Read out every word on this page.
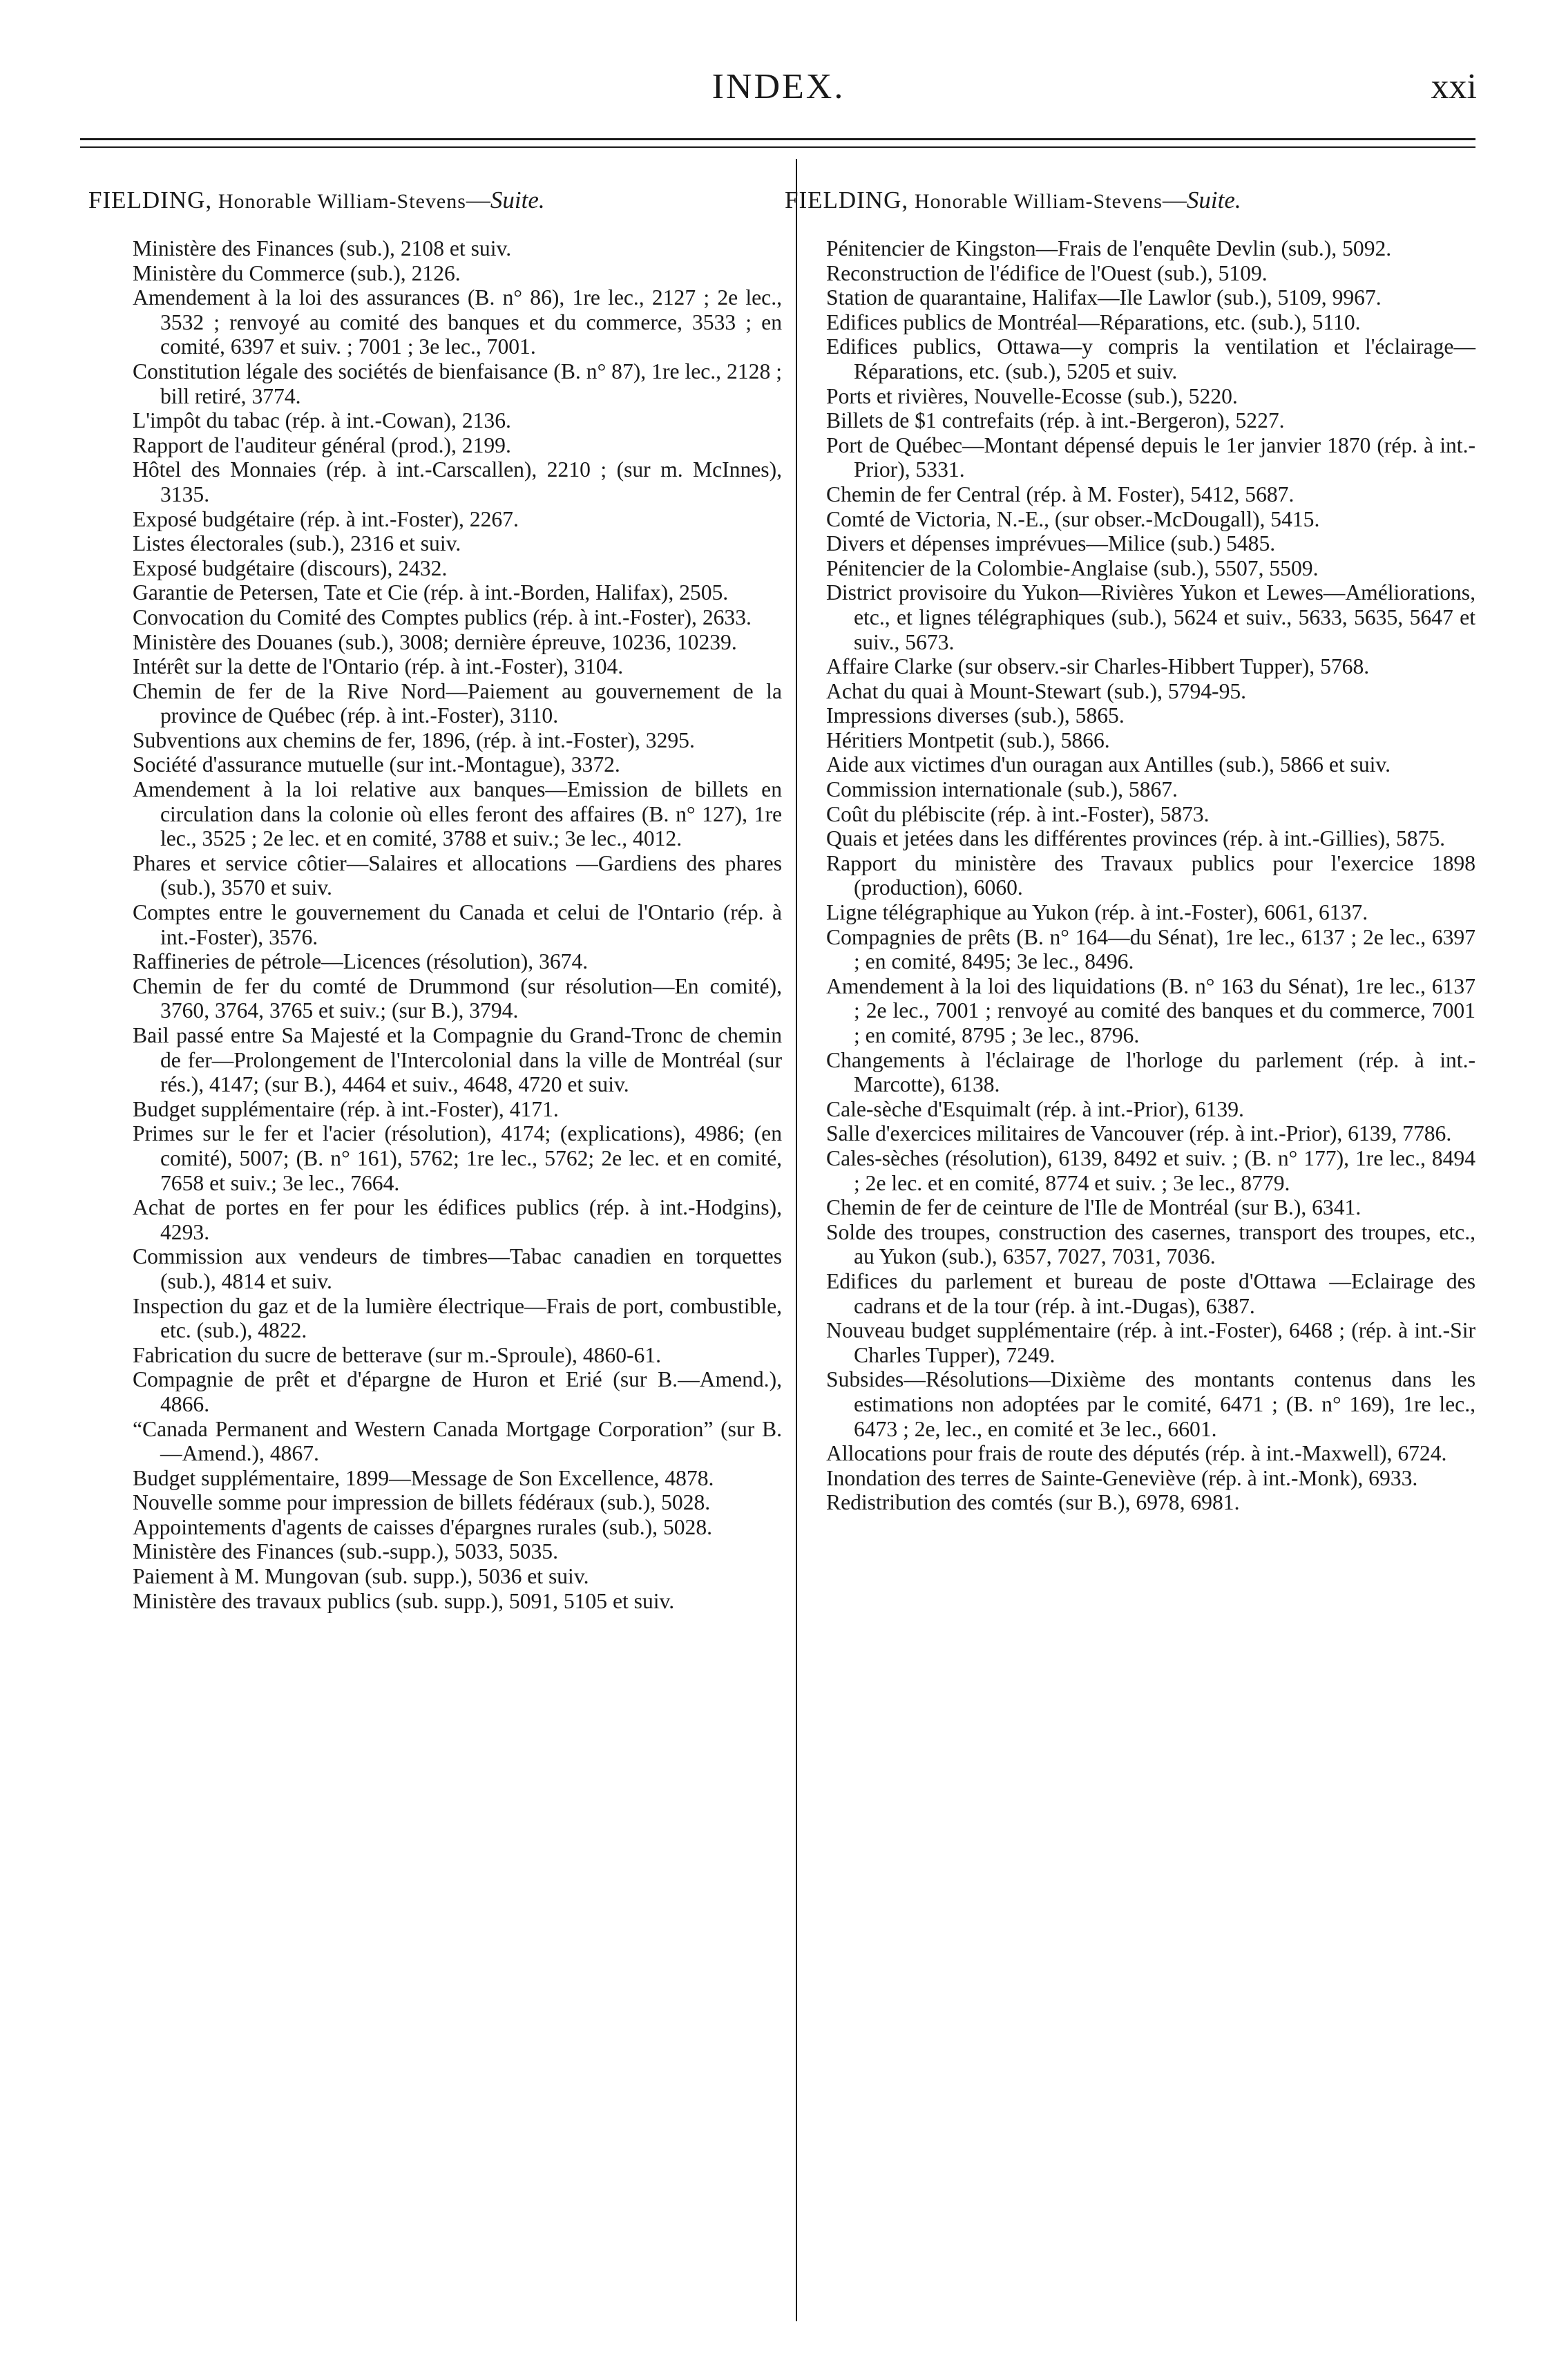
INDEX.	xxi
FIELDING, Honorable William-Stevens—Suite.
Ministère des Finances (sub.), 2108 et suiv.
Ministère du Commerce (sub.), 2126.
Amendement à la loi des assurances (B. n° 86), 1re lec., 2127 ; 2e lec., 3532 ; renvoyé au comité des banques et du commerce, 3533 ; en comité, 6397 et suiv. ; 7001 ; 3e lec., 7001.
Constitution légale des sociétés de bienfaisance (B. n° 87), 1re lec., 2128 ; bill retiré, 3774.
L'impôt du tabac (rép. à int.-Cowan), 2136.
Rapport de l'auditeur général (prod.), 2199.
Hôtel des Monnaies (rép. à int.-Carscallen), 2210 ; (sur m. McInnes), 3135.
Exposé budgétaire (rép. à int.-Foster), 2267.
Listes électorales (sub.), 2316 et suiv.
Exposé budgétaire (discours), 2432.
Garantie de Petersen, Tate et Cie (rép. à int.-Borden, Halifax), 2505.
Convocation du Comité des Comptes publics (rép. à int.-Foster), 2633.
Ministère des Douanes (sub.), 3008; dernière épreuve, 10236, 10239.
Intérêt sur la dette de l'Ontario (rép. à int.-Foster), 3104.
Chemin de fer de la Rive Nord—Paiement au gouvernement de la province de Québec (rép. à int.-Foster), 3110.
Subventions aux chemins de fer, 1896, (rép. à int.-Foster), 3295.
Société d'assurance mutuelle (sur int.-Montague), 3372.
Amendement à la loi relative aux banques—Emission de billets en circulation dans la colonie où elles feront des affaires (B. n° 127), 1re lec., 3525 ; 2e lec. et en comité, 3788 et suiv.; 3e lec., 4012.
Phares et service côtier—Salaires et allocations —Gardiens des phares (sub.), 3570 et suiv.
Comptes entre le gouvernement du Canada et celui de l'Ontario (rép. à int.-Foster), 3576.
Raffineries de pétrole—Licences (résolution), 3674.
Chemin de fer du comté de Drummond (sur résolution—En comité), 3760, 3764, 3765 et suiv.; (sur B.), 3794.
Bail passé entre Sa Majesté et la Compagnie du Grand-Tronc de chemin de fer—Prolongement de l'Intercolonial dans la ville de Montréal (sur rés.), 4147; (sur B.), 4464 et suiv., 4648, 4720 et suiv.
Budget supplémentaire (rép. à int.-Foster), 4171.
Primes sur le fer et l'acier (résolution), 4174; (explications), 4986; (en comité), 5007; (B. n° 161), 5762; 1re lec., 5762; 2e lec. et en comité, 7658 et suiv.; 3e lec., 7664.
Achat de portes en fer pour les édifices publics (rép. à int.-Hodgins), 4293.
Commission aux vendeurs de timbres—Tabac canadien en torquettes (sub.), 4814 et suiv.
Inspection du gaz et de la lumière électrique—Frais de port, combustible, etc. (sub.), 4822.
Fabrication du sucre de betterave (sur m.-Sproule), 4860-61.
Compagnie de prêt et d'épargne de Huron et Erié (sur B.—Amend.), 4866.
“Canada Permanent and Western Canada Mortgage Corporation” (sur B.—Amend.), 4867.
Budget supplémentaire, 1899—Message de Son Excellence, 4878.
Nouvelle somme pour impression de billets fédéraux (sub.), 5028.
Appointements d'agents de caisses d'épargnes rurales (sub.), 5028.
Ministère des Finances (sub.-supp.), 5033, 5035.
Paiement à M. Mungovan (sub. supp.), 5036 et suiv.
Ministère des travaux publics (sub. supp.), 5091, 5105 et suiv.
FIELDING, Honorable William-Stevens—Suite.
Pénitencier de Kingston—Frais de l'enquête Devlin (sub.), 5092.
Reconstruction de l'édifice de l'Ouest (sub.), 5109.
Station de quarantaine, Halifax—Ile Lawlor (sub.), 5109, 9967.
Edifices publics de Montréal—Réparations, etc. (sub.), 5110.
Edifices publics, Ottawa—y compris la ventilation et l'éclairage—Réparations, etc. (sub.), 5205 et suiv.
Ports et rivières, Nouvelle-Ecosse (sub.), 5220.
Billets de $1 contrefaits (rép. à int.-Bergeron), 5227.
Port de Québec—Montant dépensé depuis le 1er janvier 1870 (rép. à int.-Prior), 5331.
Chemin de fer Central (rép. à M. Foster), 5412, 5687.
Comté de Victoria, N.-E., (sur obser.-McDougall), 5415.
Divers et dépenses imprévues—Milice (sub.) 5485.
Pénitencier de la Colombie-Anglaise (sub.), 5507, 5509.
District provisoire du Yukon—Rivières Yukon et Lewes—Améliorations, etc., et lignes télégraphiques (sub.), 5624 et suiv., 5633, 5635, 5647 et suiv., 5673.
Affaire Clarke (sur observ.-sir Charles-Hibbert Tupper), 5768.
Achat du quai à Mount-Stewart (sub.), 5794-95.
Impressions diverses (sub.), 5865.
Héritiers Montpetit (sub.), 5866.
Aide aux victimes d'un ouragan aux Antilles (sub.), 5866 et suiv.
Commission internationale (sub.), 5867.
Coût du plébiscite (rép. à int.-Foster), 5873.
Quais et jetées dans les différentes provinces (rép. à int.-Gillies), 5875.
Rapport du ministère des Travaux publics pour l'exercice 1898 (production), 6060.
Ligne télégraphique au Yukon (rép. à int.-Foster), 6061, 6137.
Compagnies de prêts (B. n° 164—du Sénat), 1re lec., 6137 ; 2e lec., 6397 ; en comité, 8495; 3e lec., 8496.
Amendement à la loi des liquidations (B. n° 163 du Sénat), 1re lec., 6137 ; 2e lec., 7001 ; renvoyé au comité des banques et du commerce, 7001 ; en comité, 8795 ; 3e lec., 8796.
Changements à l'éclairage de l'horloge du parlement (rép. à int.-Marcotte), 6138.
Cale-sèche d'Esquimalt (rép. à int.-Prior), 6139.
Salle d'exercices militaires de Vancouver (rép. à int.-Prior), 6139, 7786.
Cales-sèches (résolution), 6139, 8492 et suiv. ; (B. n° 177), 1re lec., 8494 ; 2e lec. et en comité, 8774 et suiv. ; 3e lec., 8779.
Chemin de fer de ceinture de l'Ile de Montréal (sur B.), 6341.
Solde des troupes, construction des casernes, transport des troupes, etc., au Yukon (sub.), 6357, 7027, 7031, 7036.
Edifices du parlement et bureau de poste d'Ottawa —Eclairage des cadrans et de la tour (rép. à int.-Dugas), 6387.
Nouveau budget supplémentaire (rép. à int.-Foster), 6468 ; (rép. à int.-Sir Charles Tupper), 7249.
Subsides—Résolutions—Dixième des montants contenus dans les estimations non adoptées par le comité, 6471 ; (B. n° 169), 1re lec., 6473 ; 2e, lec., en comité et 3e lec., 6601.
Allocations pour frais de route des députés (rép. à int.-Maxwell), 6724.
Inondation des terres de Sainte-Geneviève (rép. à int.-Monk), 6933.
Redistribution des comtés (sur B.), 6978, 6981.
